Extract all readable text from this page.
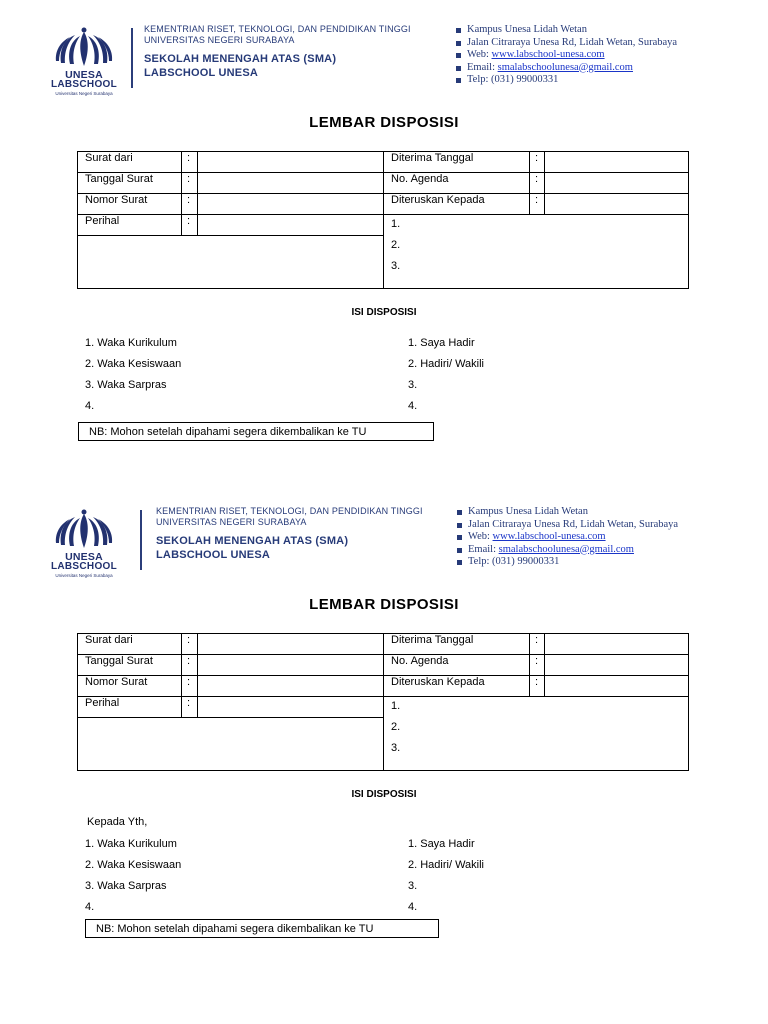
UNESA
LABSCHOOL
Universitas Negeri Surabaya
KEMENTRIAN RISET, TEKNOLOGI, DAN PENDIDIKAN TINGGI
UNIVERSITAS NEGERI SURABAYA
SEKOLAH MENENGAH ATAS (SMA)
LABSCHOOL UNESA
Kampus Unesa Lidah Wetan
Jalan Citraraya Unesa Rd, Lidah Wetan, Surabaya
Web: www.labschool-unesa.com
Email: smalabschoolunesa@gmail.com
Telp: (031) 99000331
LEMBAR DISPOSISI
Surat dari	:		Diterima Tanggal	:	
Tanggal Surat	:		No. Agenda	:	
Nomor Surat	:		Diteruskan Kepada	:	
Perihal	:		1.
2.
3.		

ISI DISPOSISI
1. Waka Kurikulum
2. Waka Kesiswaan
3. Waka Sarpras
4.
1. Saya Hadir
2. Hadiri/ Wakili
3.
4.
NB: Mohon setelah dipahami segera dikembalikan ke TU
UNESA
LABSCHOOL
Universitas Negeri Surabaya
KEMENTRIAN RISET, TEKNOLOGI, DAN PENDIDIKAN TINGGI
UNIVERSITAS NEGERI SURABAYA
SEKOLAH MENENGAH ATAS (SMA)
LABSCHOOL UNESA
Kampus Unesa Lidah Wetan
Jalan Citraraya Unesa Rd, Lidah Wetan, Surabaya
Web: www.labschool-unesa.com
Email: smalabschoolunesa@gmail.com
Telp: (031) 99000331
LEMBAR DISPOSISI
Surat dari	:		Diterima Tanggal	:	
Tanggal Surat	:		No. Agenda	:	
Nomor Surat	:		Diteruskan Kepada	:	
Perihal	:		1.
2.
3.		

ISI DISPOSISI
Kepada Yth,
1. Waka Kurikulum
2. Waka Kesiswaan
3. Waka Sarpras
4.
1. Saya Hadir
2. Hadiri/ Wakili
3.
4.
NB: Mohon setelah dipahami segera dikembalikan ke TU
